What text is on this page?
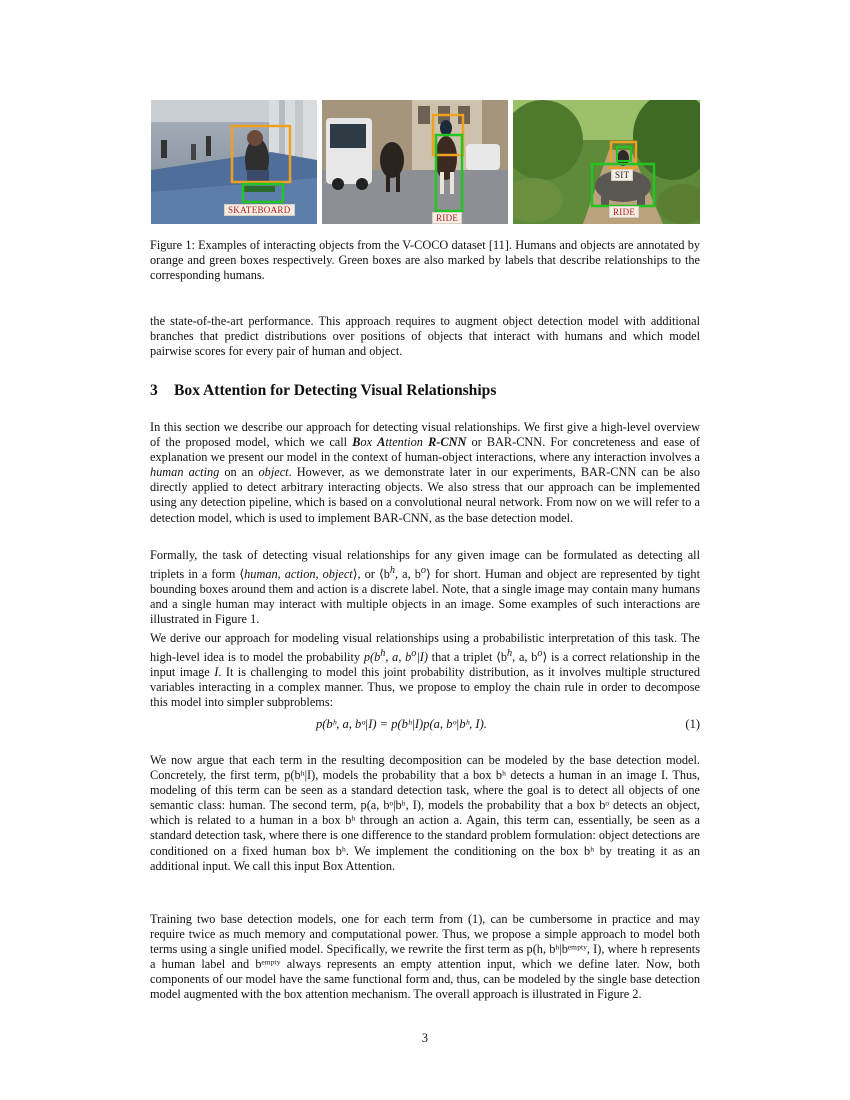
SKATEBOARD
RIDE
SIT
RIDE
Figure 1: Examples of interacting objects from the V-COCO dataset [11]. Humans and objects are annotated by orange and green boxes respectively. Green boxes are also marked by labels that describe relationships to the corresponding humans.
the state-of-the-art performance. This approach requires to augment object detection model with additional branches that predict distributions over positions of objects that interact with humans and which model pairwise scores for every pair of human and object.
3 Box Attention for Detecting Visual Relationships
In this section we describe our approach for detecting visual relationships. We first give a high-level overview of the proposed model, which we call Box Attention R-CNN or BAR-CNN. For concreteness and ease of explanation we present our model in the context of human-object interactions, where any interaction involves a human acting on an object. However, as we demonstrate later in our experiments, BAR-CNN can be also directly applied to detect arbitrary interacting objects. We also stress that our approach can be implemented using any detection pipeline, which is based on a convolutional neural network. From now on we will refer to a detection model, which is used to implement BAR-CNN, as the base detection model.
Formally, the task of detecting visual relationships for any given image can be formulated as detecting all triplets in a form ⟨human, action, object⟩, or $⟨b^h$, a, $b^o⟩$ for short. Human and object are represented by tight bounding boxes around them and action is a discrete label. Note, that a single image may contain many humans and a single human may interact with multiple objects in an image. Some examples of such interactions are illustrated in Figure 1.
We derive our approach for modeling visual relationships using a probabilistic interpretation of this task. The high-level idea is to model the probability $p(b^h$, a, $b^o|I$) that a triplet $⟨b^h$, a, $b^o⟩$ is a correct relationship in the input image I. It is challenging to model this joint probability distribution, as it involves multiple structured variables interacting in a complex manner. Thus, we propose to employ the chain rule in order to decompose this model into simpler subproblems:
p(bʰ, a, bᵒ|I) = p(bʰ|I)p(a, bᵒ|bʰ, I).	(1)
We now argue that each term in the resulting decomposition can be modeled by the base detection model. Concretely, the first term, p(bʰ|I), models the probability that a box bʰ detects a human in an image I. Thus, modeling of this term can be seen as a standard detection task, where the goal is to detect all objects of one semantic class: human. The second term, p(a, bᵒ|bʰ, I), models the probability that a box bᵒ detects an object, which is related to a human in a box bʰ through an action a. Again, this term can, essentially, be seen as a standard detection task, where there is one difference to the standard problem formulation: object detections are conditioned on a fixed human box bʰ. We implement the conditioning on the box bʰ by treating it as an additional input. We call this input Box Attention.
Training two base detection models, one for each term from (1), can be cumbersome in practice and may require twice as much memory and computational power. Thus, we propose a simple approach to model both terms using a single unified model. Specifically, we rewrite the first term as p(h, bʰ|bᵉᵐᵖᵗʸ, I), where h represents a human label and bᵉᵐᵖᵗʸ always represents an empty attention input, which we define later. Now, both components of our model have the same functional form and, thus, can be modeled by the single base detection model augmented with the box attention mechanism. The overall approach is illustrated in Figure 2.
3
